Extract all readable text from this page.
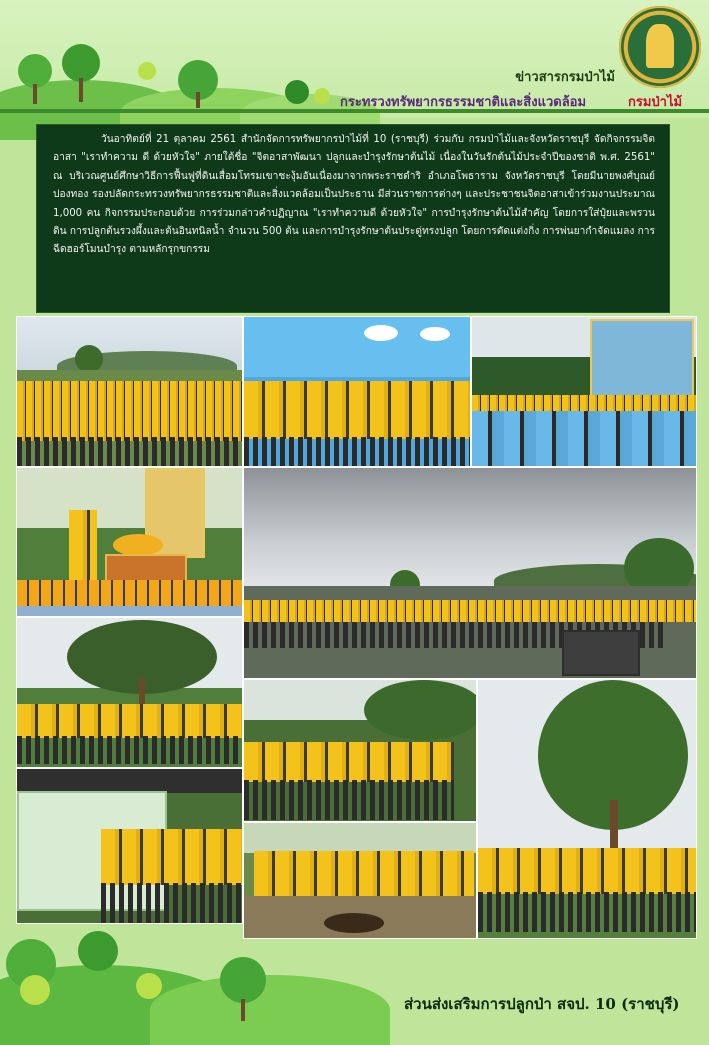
ข่าวสารกรมป่าไม้
กระทรวงทรัพยากรธรรมชาติและสิ่งแวดล้อม	กรมป่าไม้

วันอาทิตย์ที่ 21 ตุลาคม 2561 สำนักจัดการทรัพยากรป่าไม้ที่ 10 (ราชบุรี) ร่วมกับ กรมป่าไม้และจังหวัดราชบุรี จัดกิจกรรมจิตอาสา "เราทำความ ดี ด้วยหัวใจ" ภายใต้ชื่อ "จิตอาสาพัฒนา ปลูกและบำรุงรักษาต้นไม้ เนื่องในวันรักต้นไม้ประจำปีของชาติ พ.ศ. 2561" ณ บริเวณศูนย์ศึกษาวิธีการฟื้นฟูที่ดินเสื่อมโทรมเขาชะงุ้มอันเนื่องมาจากพระราชดำริ อำเภอโพธาราม จังหวัดราชบุรี โดยมีนายพงศ์บุณย์ ปองทอง รองปลัดกระทรวงทรัพยากรธรรมชาติและสิ่งแวดล้อมเป็นประธาน มีส่วนราชการต่างๆ และประชาชนจิตอาสาเข้าร่วมงานประมาณ 1,000 คน กิจกรรมประกอบด้วย การร่วมกล่าวคำปฏิญาณ "เราทำความดี ด้วยหัวใจ" การบำรุงรักษาต้นไม้สำคัญ โดยการใส่ปุ๋ยและพรวนดิน การปลูกต้นรวงผึ้งและต้นอินทนิลน้ำ จำนวน 500 ต้น และการบำรุงรักษาต้นประดู่ทรงปลูก โดยการตัดแต่งกิ่ง การพ่นยากำจัดแมลง การฉีดฮอร์โมนบำรุง ตามหลักรุกขกรรม

ส่วนส่งเสริมการปลูกป่า สจป. 10 (ราชบุรี)
